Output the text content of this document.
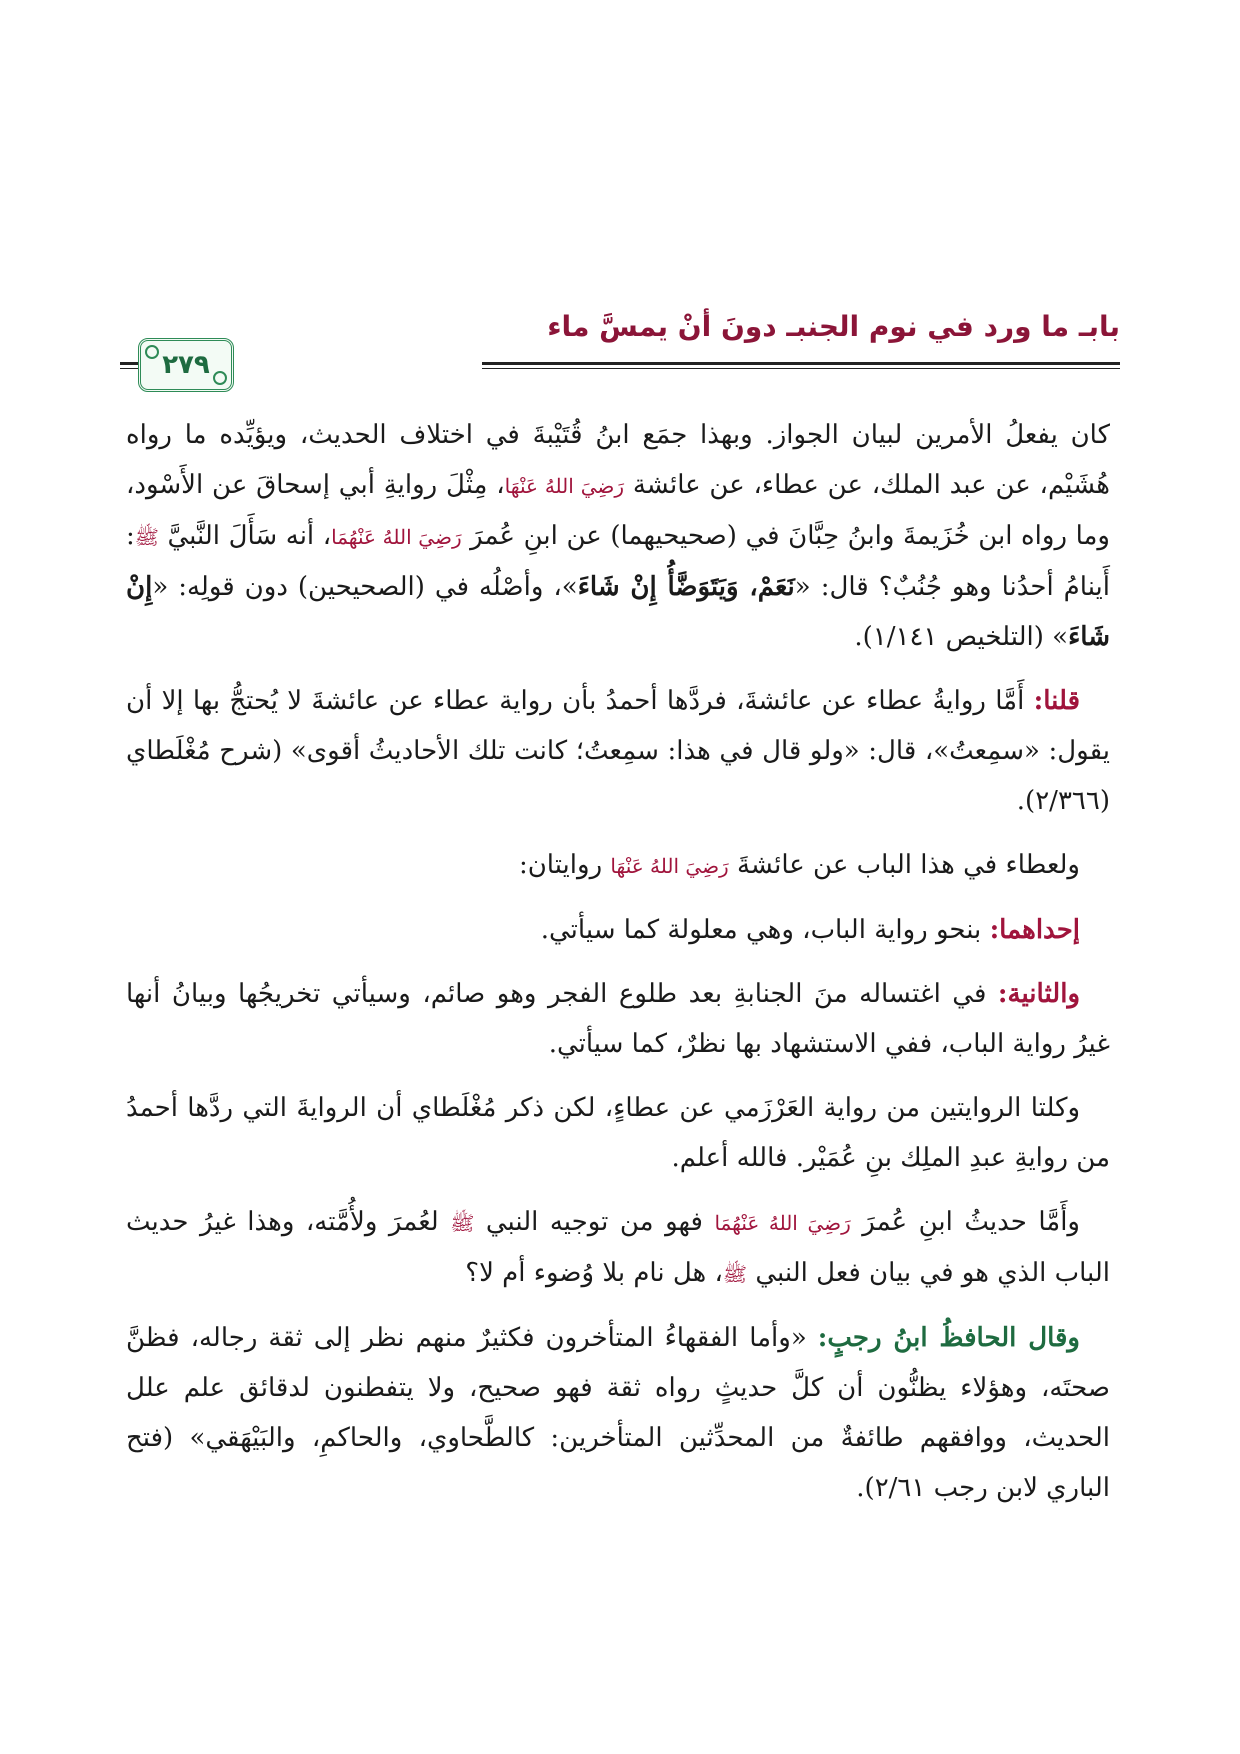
بابـ ما ورد في نوم الجنبـ دونَ أنْ يمسَّ ماء
٢٧٩

كان يفعلُ الأمرين لبيان الجواز. وبهذا جمَع ابنُ قُتَيْبةَ في اختلاف الحديث، ويؤيِّده ما رواه هُشَيْم، عن عبد الملك، عن عطاء، عن عائشة رَضِيَ اللهُ عَنْهَا، مِثْلَ روايةِ أبي إسحاقَ عن الأَسْود، وما رواه ابن خُزَيمةَ وابنُ حِبَّانَ في (صحيحيهما) عن ابنِ عُمرَ رَضِيَ اللهُ عَنْهُمَا، أنه سَأَلَ النَّبيَّ ﷺ: أَينامُ أحدُنا وهو جُنُبٌ؟ قال: «نَعَمْ، وَيَتَوَضَّأُ إِنْ شَاءَ»، وأصْلُه في (الصحيحين) دون قولِه: «إِنْ شَاءَ» (التلخيص ١/١٤١).

قلنا: أَمَّا روايةُ عطاء عن عائشةَ، فردَّها أحمدُ بأن رواية عطاء عن عائشةَ لا يُحتجُّ بها إلا أن يقول: «سمِعتُ»، قال: «ولو قال في هذا: سمِعتُ؛ كانت تلك الأحاديثُ أقوى» (شرح مُغْلَطاي (٢/٣٦٦).

ولعطاء في هذا الباب عن عائشةَ رَضِيَ اللهُ عَنْهَا روايتان:

إحداهما: بنحو رواية الباب، وهي معلولة كما سيأتي.

والثانية: في اغتساله منَ الجنابةِ بعد طلوع الفجر وهو صائم، وسيأتي تخريجُها وبيانُ أنها غيرُ رواية الباب، ففي الاستشهاد بها نظرٌ، كما سيأتي.

وكلتا الروايتين من رواية العَرْزَمي عن عطاءٍ، لكن ذكر مُغْلَطاي أن الروايةَ التي ردَّها أحمدُ من روايةِ عبدِ الملِك بنِ عُمَيْر. فالله أعلم.

وأَمَّا حديثُ ابنِ عُمرَ رَضِيَ اللهُ عَنْهُمَا فهو من توجيه النبي ﷺ لعُمرَ ولأُمَّته، وهذا غيرُ حديث الباب الذي هو في بيان فعل النبي ﷺ، هل نام بلا وُضوء أم لا؟

وقال الحافظُ ابنُ رجبٍ: «وأما الفقهاءُ المتأخرون فكثيرٌ منهم نظر إلى ثقة رجاله، فظنَّ صحتَه، وهؤلاء يظنُّون أن كلَّ حديثٍ رواه ثقة فهو صحيح، ولا يتفطنون لدقائق علم علل الحديث، ووافقهم طائفةٌ من المحدِّثين المتأخرين: كالطَّحاوي، والحاكمِ، والبَيْهَقي» (فتح الباري لابن رجب ٢/٦١).
